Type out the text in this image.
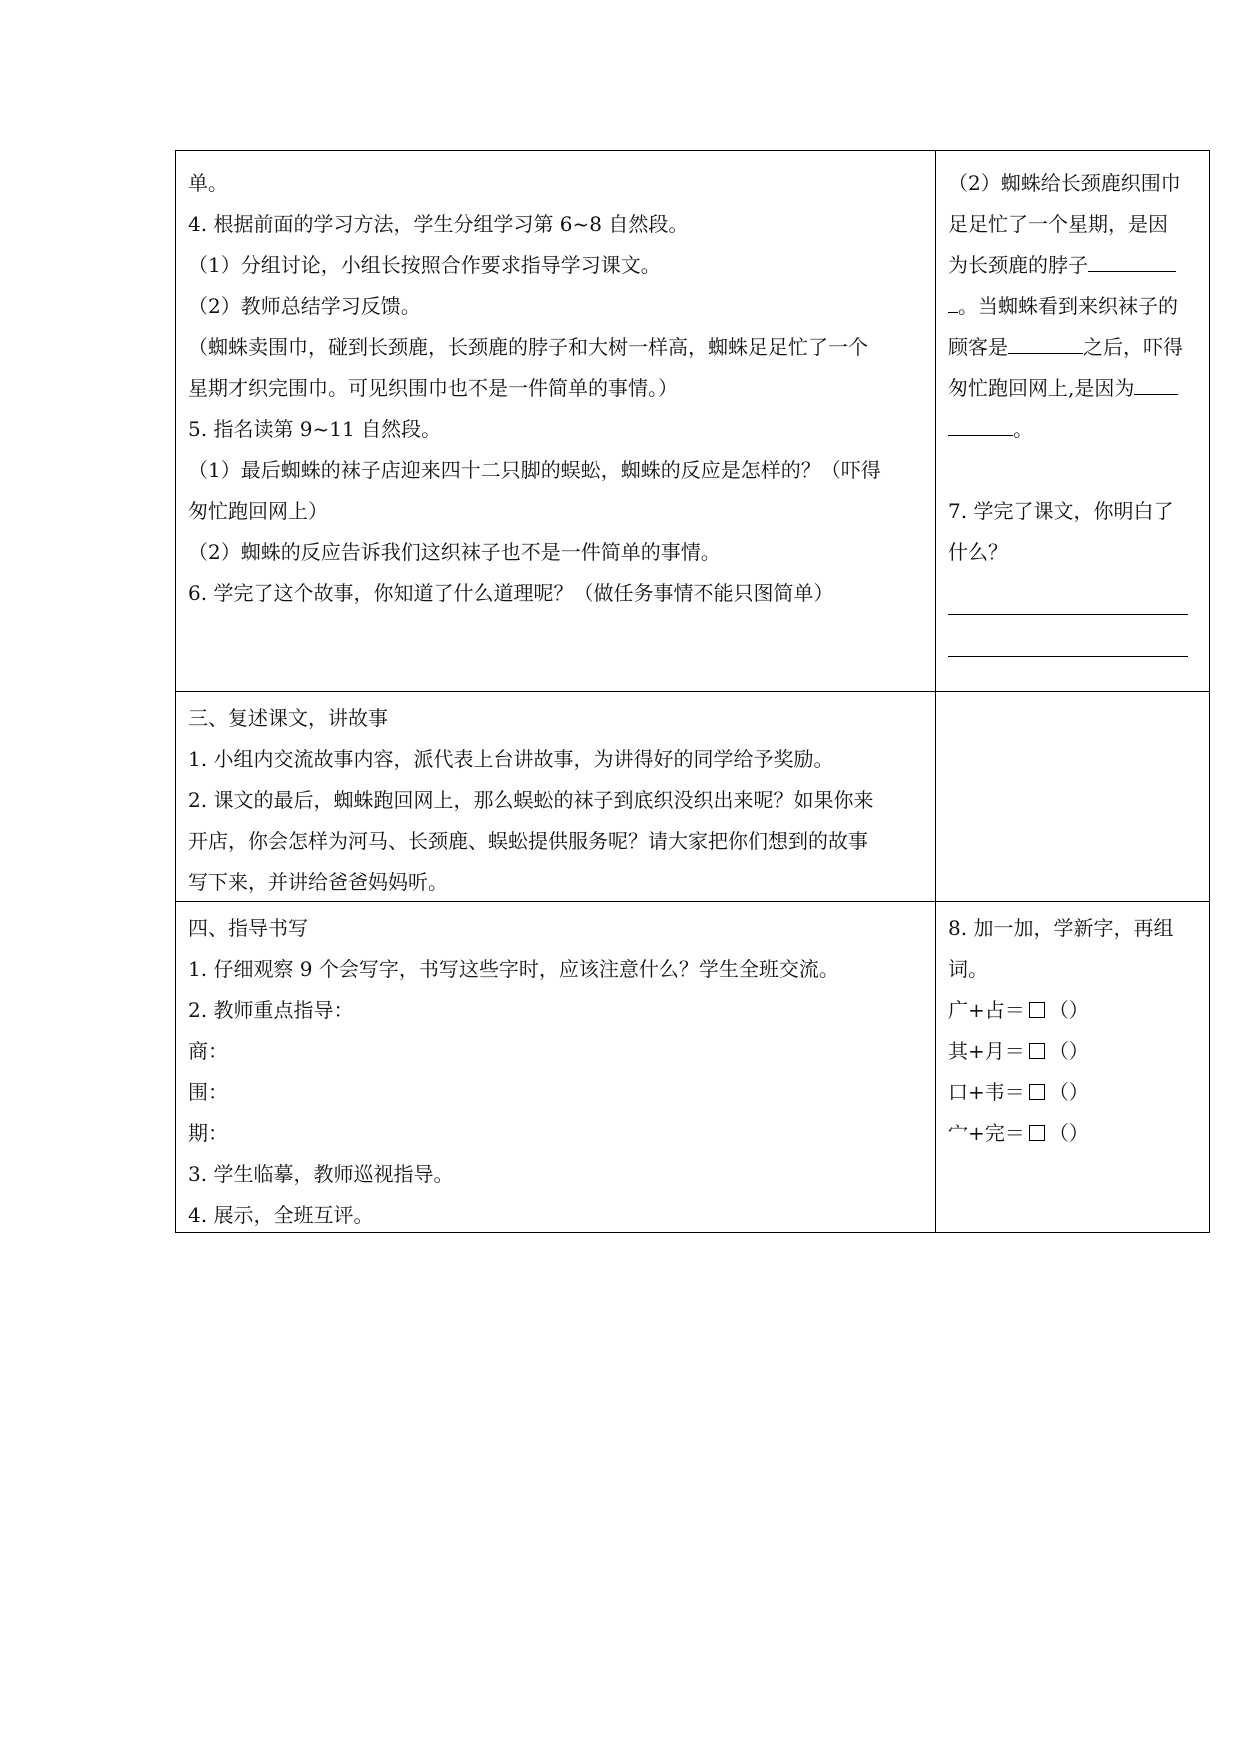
单。

4. 根据前面的学习方法，学生分组学习第 6~8 自然段。

（1）分组讨论，小组长按照合作要求指导学习课文。

（2）教师总结学习反馈。

（蜘蛛卖围巾，碰到长颈鹿，长颈鹿的脖子和大树一样高，蜘蛛足足忙了一个

星期才织完围巾。可见织围巾也不是一件简单的事情。）

5. 指名读第 9~11 自然段。

（1）最后蜘蛛的袜子店迎来四十二只脚的蜈蚣，蜘蛛的反应是怎样的？（吓得

匆忙跑回网上）

（2）蜘蛛的反应告诉我们这织袜子也不是一件简单的事情。

6. 学完了这个故事，你知道了什么道理呢？（做任务事情不能只图简单）

（2）蜘蛛给长颈鹿织围巾

足足忙了一个星期，是因

为长颈鹿的脖子

。当蜘蛛看到来织袜子的

顾客是	之后，吓得

匆忙跑回网上,是因为

。

7. 学完了课文，你明白了

什么？

三、复述课文，讲故事

1. 小组内交流故事内容，派代表上台讲故事，为讲得好的同学给予奖励。

2. 课文的最后，蜘蛛跑回网上，那么蜈蚣的袜子到底织没织出来呢？如果你来

开店，你会怎样为河马、长颈鹿、蜈蚣提供服务呢？请大家把你们想到的故事

写下来，并讲给爸爸妈妈听。

四、指导书写

1. 仔细观察 9 个会写字，书写这些字时，应该注意什么？学生全班交流。

2. 教师重点指导：

商：

围：

期：

3. 学生临摹，教师巡视指导。

4. 展示，全班互评。

8. 加一加，学新字，再组

词。

广+占＝ （）

其+月＝ （）

口+韦＝ （）

宀+完＝ （）
